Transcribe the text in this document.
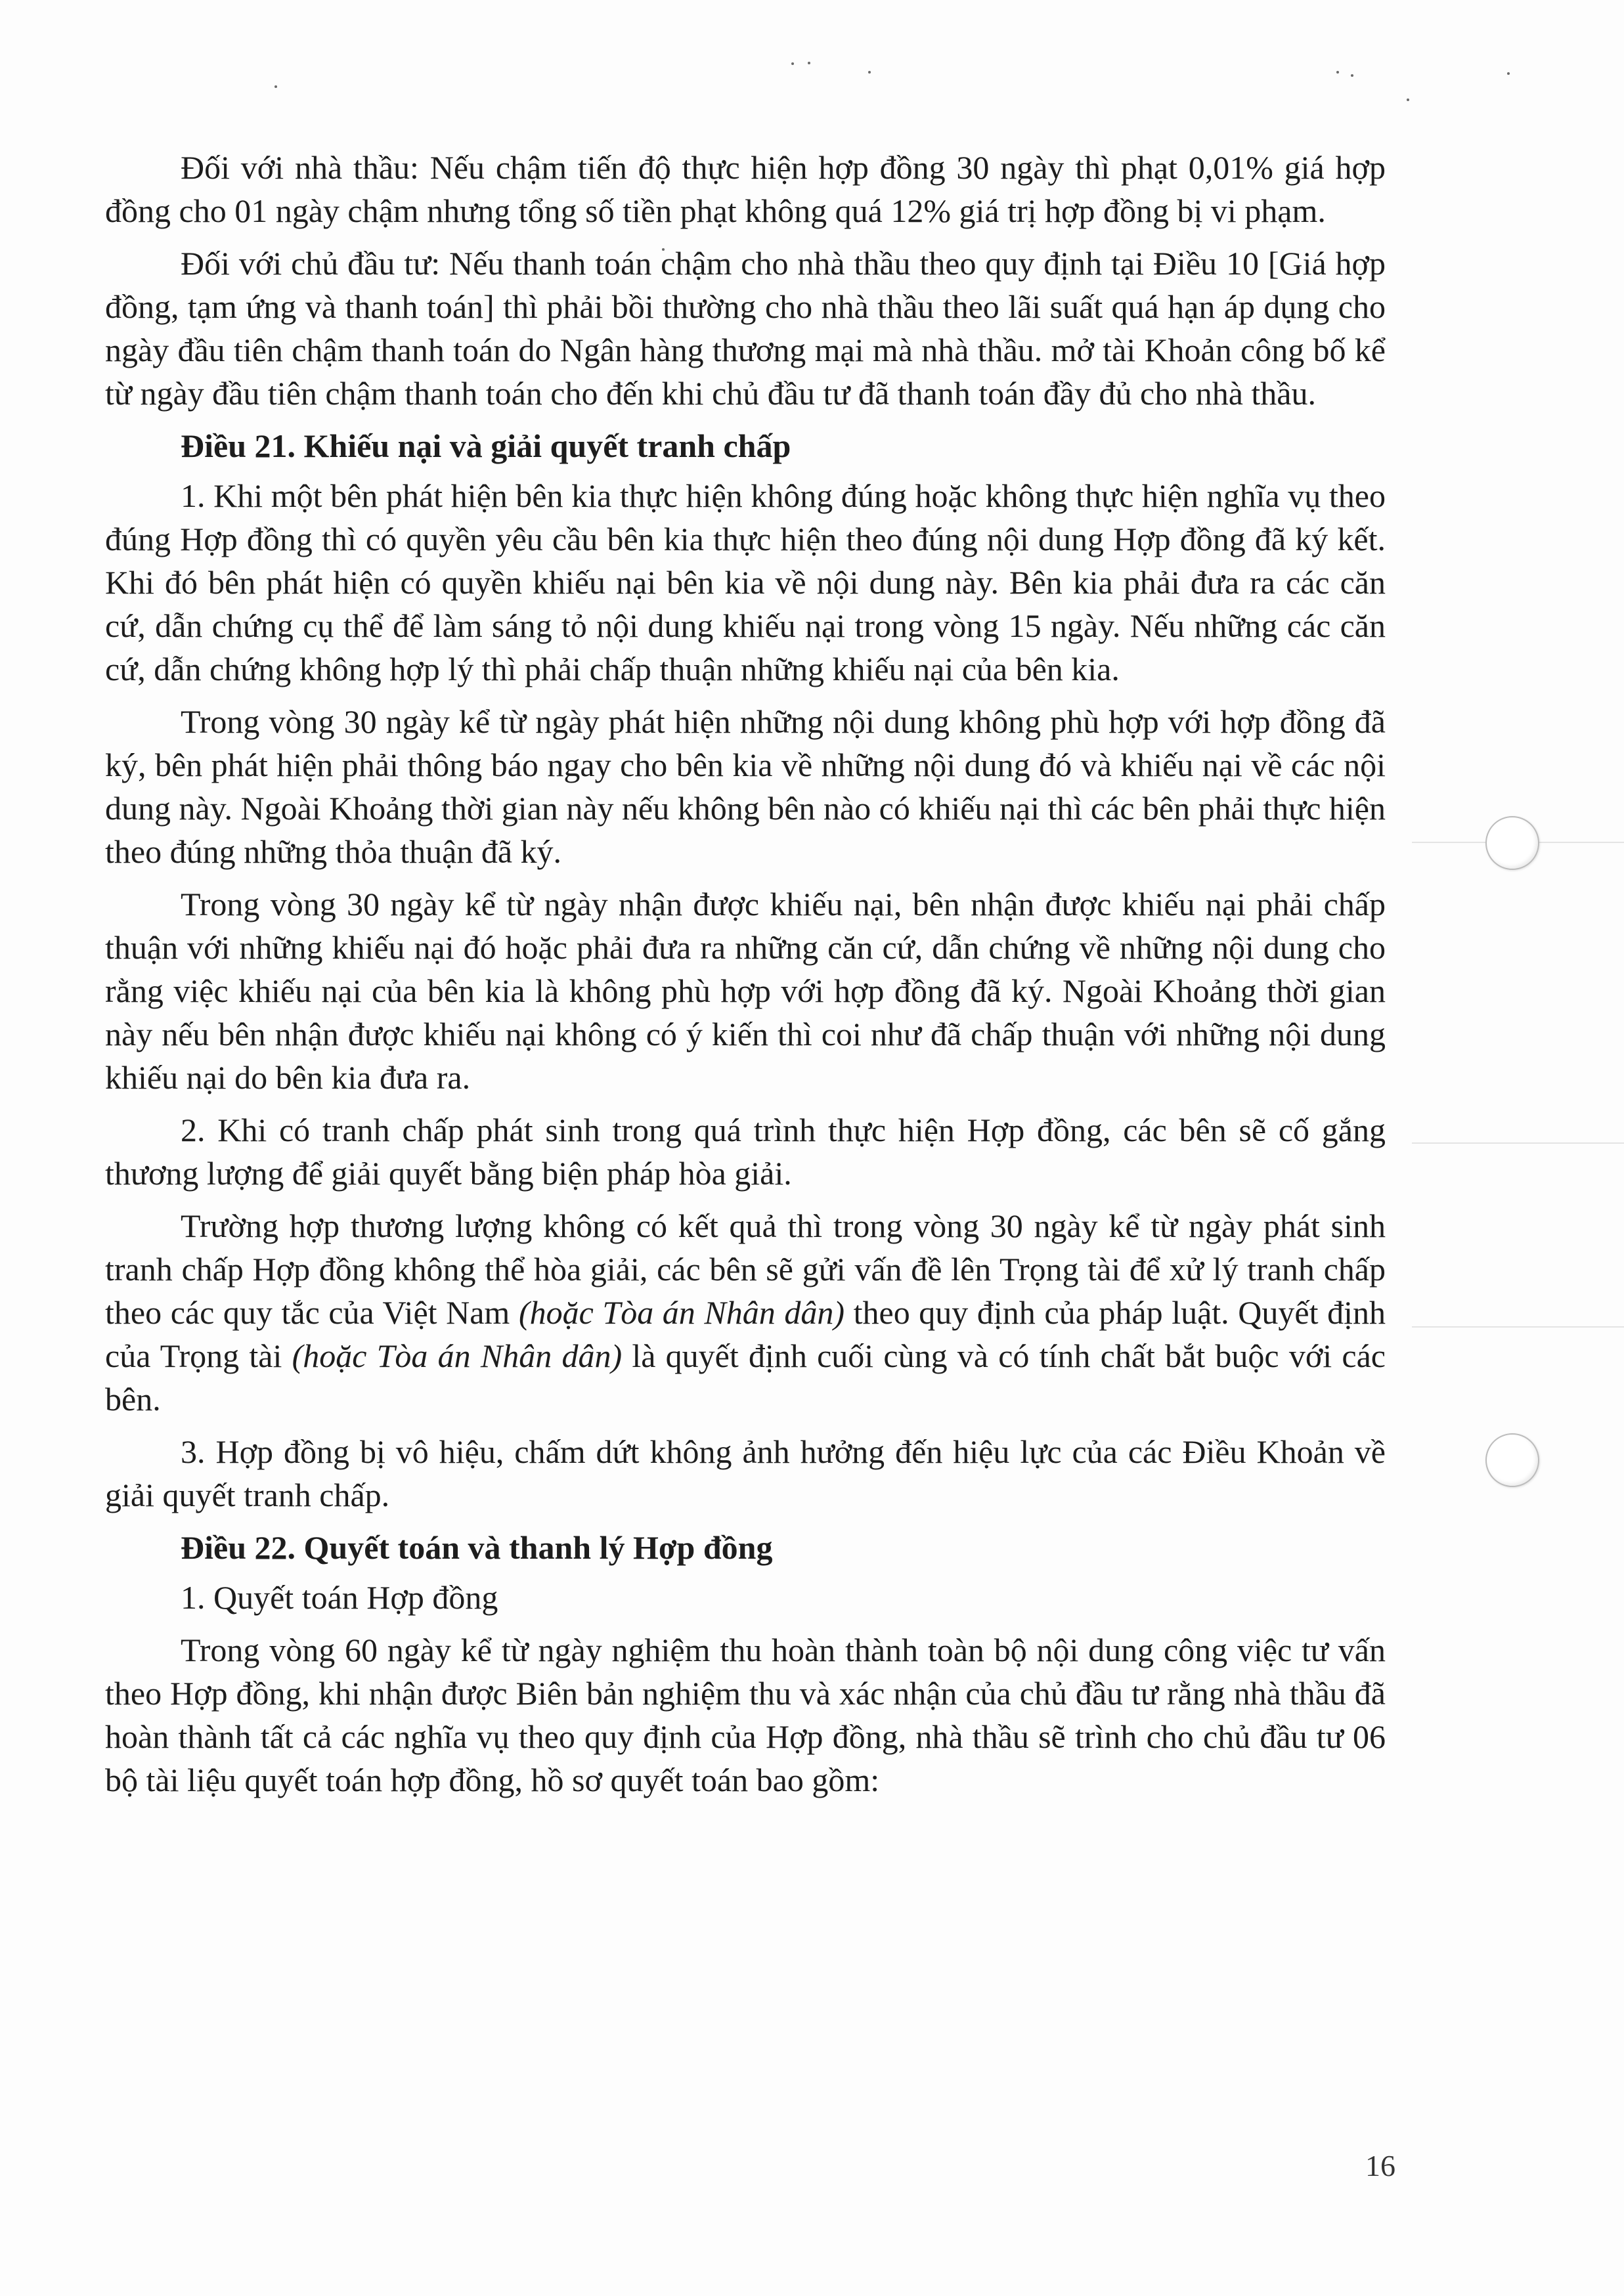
Đối với nhà thầu: Nếu chậm tiến độ thực hiện hợp đồng 30 ngày thì phạt 0,01% giá hợp đồng cho 01 ngày chậm nhưng tổng số tiền phạt không quá 12% giá trị hợp đồng bị vi phạm.

Đối với chủ đầu tư: Nếu thanh toán chậm cho nhà thầu theo quy định tại Điều 10 [Giá hợp đồng, tạm ứng và thanh toán] thì phải bồi thường cho nhà thầu theo lãi suất quá hạn áp dụng cho ngày đầu tiên chậm thanh toán do Ngân hàng thương mại mà nhà thầu. mở tài Khoản công bố kể từ ngày đầu tiên chậm thanh toán cho đến khi chủ đầu tư đã thanh toán đầy đủ cho nhà thầu.

Điều 21. Khiếu nại và giải quyết tranh chấp

1. Khi một bên phát hiện bên kia thực hiện không đúng hoặc không thực hiện nghĩa vụ theo đúng Hợp đồng thì có quyền yêu cầu bên kia thực hiện theo đúng nội dung Hợp đồng đã ký kết. Khi đó bên phát hiện có quyền khiếu nại bên kia về nội dung này. Bên kia phải đưa ra các căn cứ, dẫn chứng cụ thể để làm sáng tỏ nội dung khiếu nại trong vòng 15 ngày. Nếu những các căn cứ, dẫn chứng không hợp lý thì phải chấp thuận những khiếu nại của bên kia.

Trong vòng 30 ngày kể từ ngày phát hiện những nội dung không phù hợp với hợp đồng đã ký, bên phát hiện phải thông báo ngay cho bên kia về những nội dung đó và khiếu nại về các nội dung này. Ngoài Khoảng thời gian này nếu không bên nào có khiếu nại thì các bên phải thực hiện theo đúng những thỏa thuận đã ký.

Trong vòng 30 ngày kể từ ngày nhận được khiếu nại, bên nhận được khiếu nại phải chấp thuận với những khiếu nại đó hoặc phải đưa ra những căn cứ, dẫn chứng về những nội dung cho rằng việc khiếu nại của bên kia là không phù hợp với hợp đồng đã ký. Ngoài Khoảng thời gian này nếu bên nhận được khiếu nại không có ý kiến thì coi như đã chấp thuận với những nội dung khiếu nại do bên kia đưa ra.

2. Khi có tranh chấp phát sinh trong quá trình thực hiện Hợp đồng, các bên sẽ cố gắng thương lượng để giải quyết bằng biện pháp hòa giải.

Trường hợp thương lượng không có kết quả thì trong vòng 30 ngày kể từ ngày phát sinh tranh chấp Hợp đồng không thể hòa giải, các bên sẽ gửi vấn đề lên Trọng tài để xử lý tranh chấp theo các quy tắc của Việt Nam (hoặc Tòa án Nhân dân) theo quy định của pháp luật. Quyết định của Trọng tài (hoặc Tòa án Nhân dân) là quyết định cuối cùng và có tính chất bắt buộc với các bên.

3. Hợp đồng bị vô hiệu, chấm dứt không ảnh hưởng đến hiệu lực của các Điều Khoản về giải quyết tranh chấp.

Điều 22. Quyết toán và thanh lý Hợp đồng

1. Quyết toán Hợp đồng

Trong vòng 60 ngày kể từ ngày nghiệm thu hoàn thành toàn bộ nội dung công việc tư vấn theo Hợp đồng, khi nhận được Biên bản nghiệm thu và xác nhận của chủ đầu tư rằng nhà thầu đã hoàn thành tất cả các nghĩa vụ theo quy định của Hợp đồng, nhà thầu sẽ trình cho chủ đầu tư 06 bộ tài liệu quyết toán hợp đồng, hồ sơ quyết toán bao gồm:

16
